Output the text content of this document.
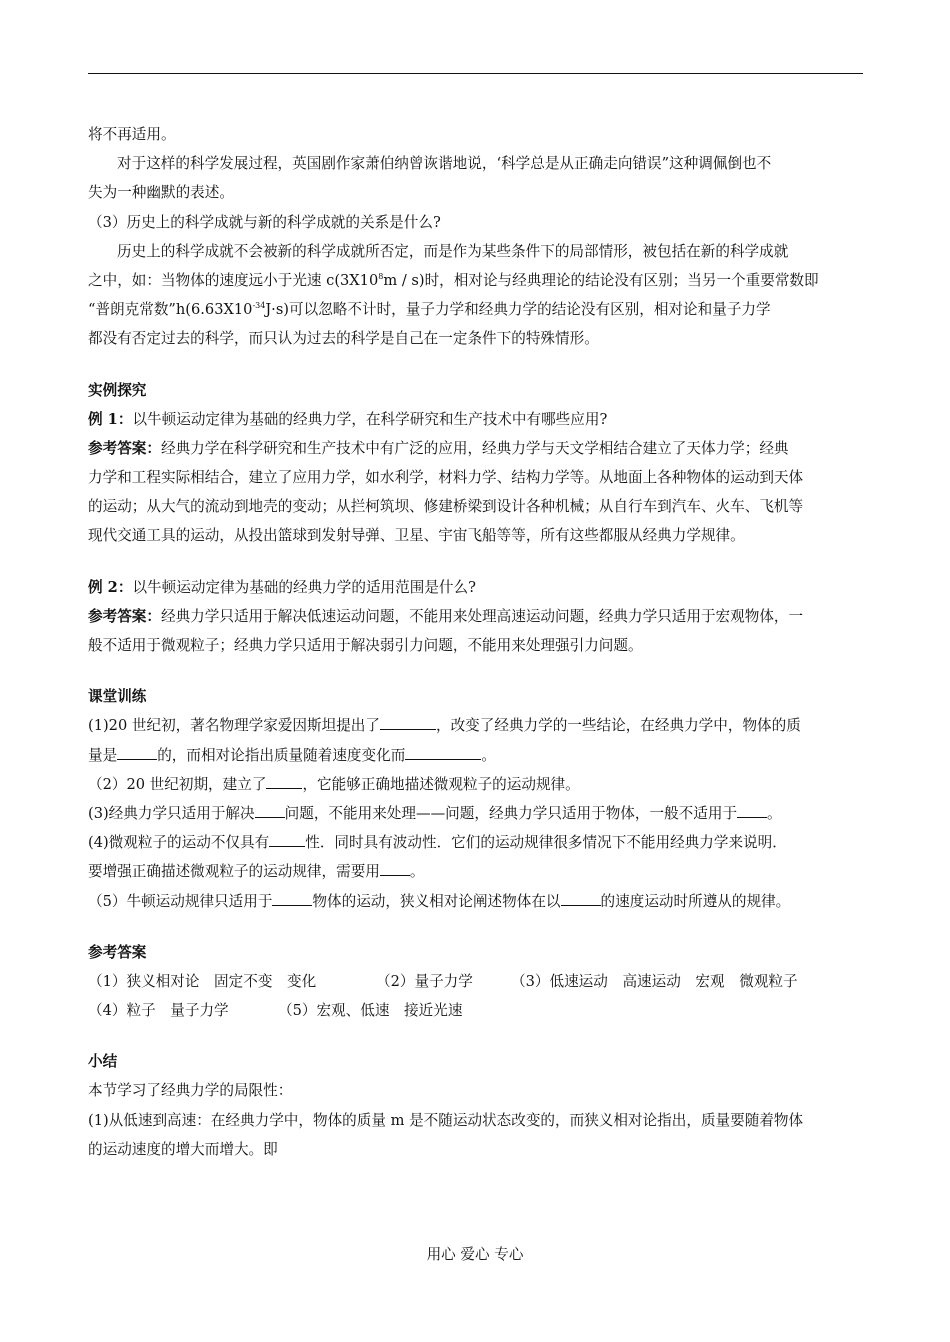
将不再适用。
对于这样的科学发展过程，英国剧作家萧伯纳曾诙谐地说，‘科学总是从正确走向错误”这种调佩倒也不
失为一种幽默的表述。
（3）历史上的科学成就与新的科学成就的关系是什么?
历史上的科学成就不会被新的科学成就所否定，而是作为某些条件下的局部情形，被包括在新的科学成就
之中，如：当物体的速度远小于光速 $c(3X10^8m / s)$时，相对论与经典理论的结论没有区别；当另一个重要常数即
“普朗克常数$”h(6.63X10^{-34}J\cdot s)$可以忽略不计时，量子力学和经典力学的结论没有区别，相对论和量子力学
都没有否定过去的科学，而只认为过去的科学是自己在一定条件下的特殊情形。
实例探究
例 1：以牛顿运动定律为基础的经典力学，在科学研究和生产技术中有哪些应用?
参考答案：经典力学在科学研究和生产技术中有广泛的应用，经典力学与天文学相结合建立了天体力学；经典
力学和工程实际相结合，建立了应用力学，如水利学，材料力学、结构力学等。从地面上各种物体的运动到天体
的运动；从大气的流动到地壳的变动；从拦柯筑坝、修建桥梁到设计各种机械；从自行车到汽车、火车、飞机等
现代交通工具的运动，从投出篮球到发射导弹、卫星、宇宙飞船等等，所有这些都服从经典力学规律。
例 2：以牛顿运动定律为基础的经典力学的适用范围是什么?
参考答案：经典力学只适用于解决低速运动问题，不能用来处理高速运动问题，经典力学只适用于宏观物体，一
般不适用于微观粒子；经典力学只适用于解决弱引力问题，不能用来处理强引力问题。
课堂训练
(1)20 世纪初，著名物理学家爱因斯坦提出了	，改变了经典力学的一些结论，在经典力学中，物体的质
量是	的，而相对论指出质量随着速度变化而	。
（2）20 世纪初期，建立了 ，它能够正确地描述微观粒子的运动规律。
(3)经典力学只适用于解决 问题，不能用来处理——问题，经典力学只适用于物体，一般不适用于 。
(4)微观粒子的运动不仅具有 性．同时具有波动性．它们的运动规律很多情况下不能用经典力学来说明．
要增强正确描述微观粒子的运动规律，需要用 。
（5）牛顿运动规律只适用于	物体的运动，狭义相对论阐述物体在以	的速度运动时所遵从的规律。
参考答案
（1）狭义相对论　固定不变　变化	（2）量子力学	（3）低速运动　高速运动　宏观　微观粒子
（4）粒子　量子力学	（5）宏观、低速　接近光速
小结
本节学习了经典力学的局限性：
(1)从低速到高速：在经典力学中，物体的质量 m 是不随运动状态改变的，而狭义相对论指出，质量要随着物体
的运动速度的增大而增大。即
用心 爱心 专心
